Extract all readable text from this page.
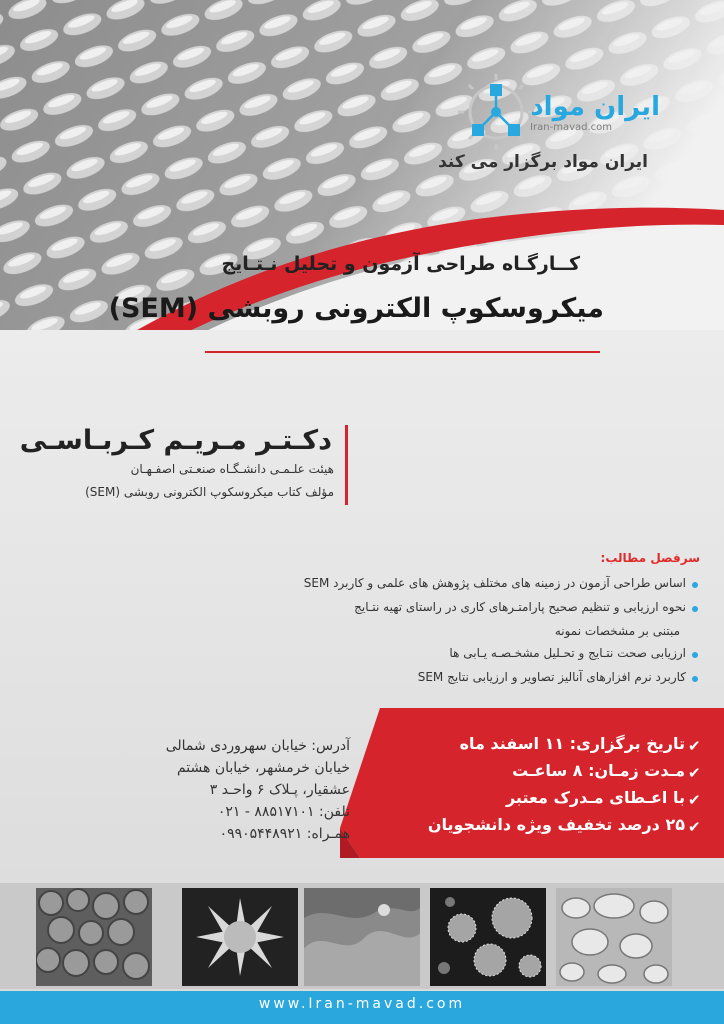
ایران مواد
Iran-mavad.com
ایران مواد برگزار می کند
کــارگـاه طراحی آزمون و تحلیل نـتـایج
میکروسکوپ الکترونی روبشی (SEM)
دکـتـر مـریـم کـربـاسـی
هیئت علـمـی دانشـگـاه صنعـتی اصفـهـان
مؤلف کتاب میکروسکوپ الکترونی روبشی (SEM)
سرفصل مطالب:
اساس طراحی آزمون در زمینه های مختلف پژوهش های علمی و کاربرد SEM
نحوه ارزیابی و تنظیم صحیح پارامتـرهای کاری در راستای تهیه نتـایج
مبتنی بر مشخصات نمونه
ارزیابی صحت نتـایج و تحـلیل مشخـصـه یـابی ها
کاربرد نرم افزارهای آنالیز تصاویر و ارزیابی نتایج SEM
✔
تاریخ برگزاری: ۱۱ اسفند ماه
✔
مـدت زمـان: ۸ ساعـت
✔
با اعـطای مـدرک معتبر
✔
۲۵ درصد تخفیف ویژه دانشجویان
آدرس: خیابان سهروردی شمالی
خیابان خرمشهر، خیابان هشتم
عشقیار، پـلاک ۶ واحـد ۳
تلفن: ۸۸۵۱۷۱۰۱ - ۰۲۱
همـراه: ۰۹۹۰۵۴۴۸۹۲۱
www.Iran-mavad.com
